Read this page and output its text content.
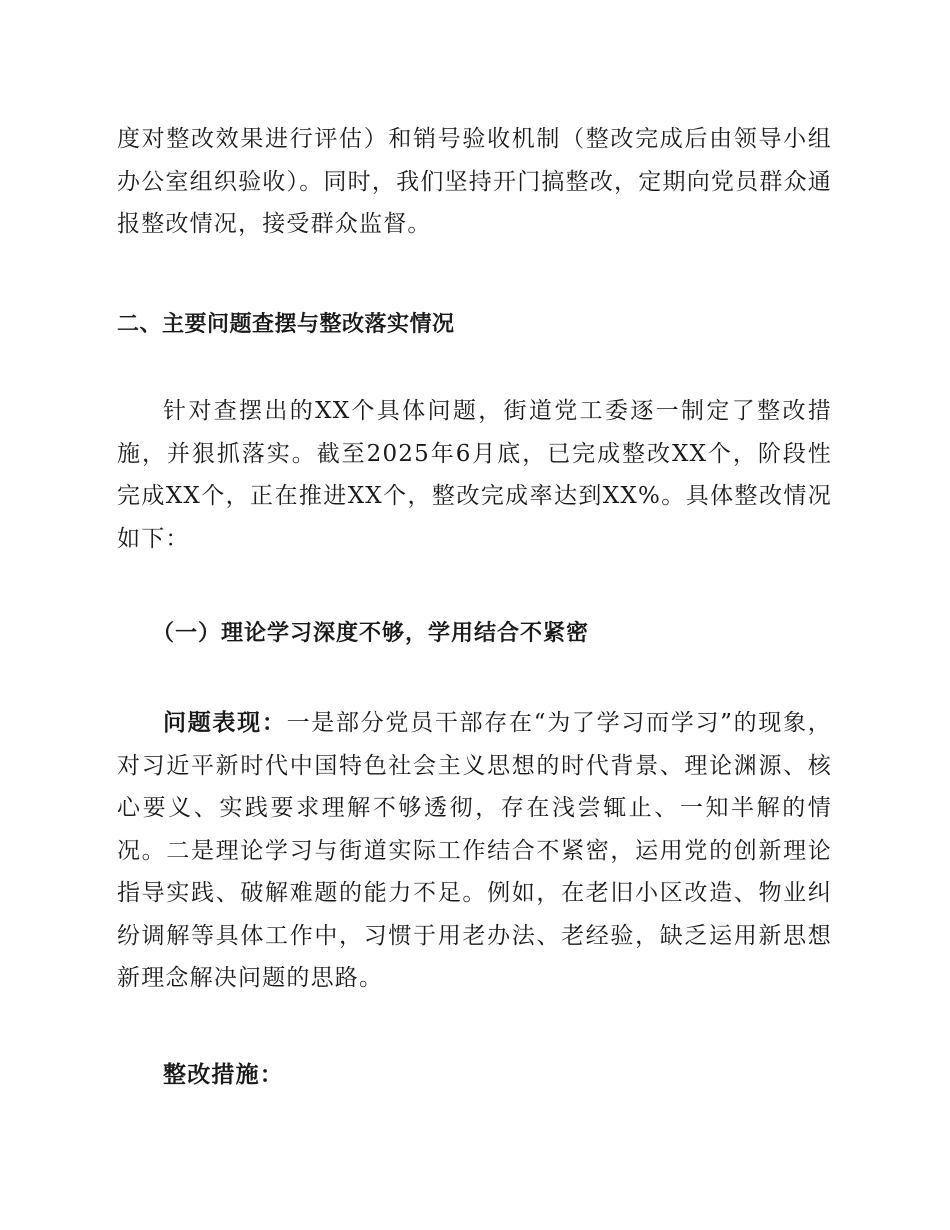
度对整改效果进行评估）和销号验收机制（整改完成后由领导小组办公室组织验收）。同时，我们坚持开门搞整改，定期向党员群众通报整改情况，接受群众监督。

二、主要问题查摆与整改落实情况

针对查摆出的XX个具体问题，街道党工委逐一制定了整改措施，并狠抓落实。截至2025年6月底，已完成整改XX个，阶段性完成XX个，正在推进XX个，整改完成率达到XX%。具体整改情况如下：

（一）理论学习深度不够，学用结合不紧密

问题表现：一是部分党员干部存在“为了学习而学习”的现象，对习近平新时代中国特色社会主义思想的时代背景、理论渊源、核心要义、实践要求理解不够透彻，存在浅尝辄止、一知半解的情况。二是理论学习与街道实际工作结合不紧密，运用党的创新理论指导实践、破解难题的能力不足。例如，在老旧小区改造、物业纠纷调解等具体工作中，习惯于用老办法、老经验，缺乏运用新思想新理念解决问题的思路。

整改措施：
